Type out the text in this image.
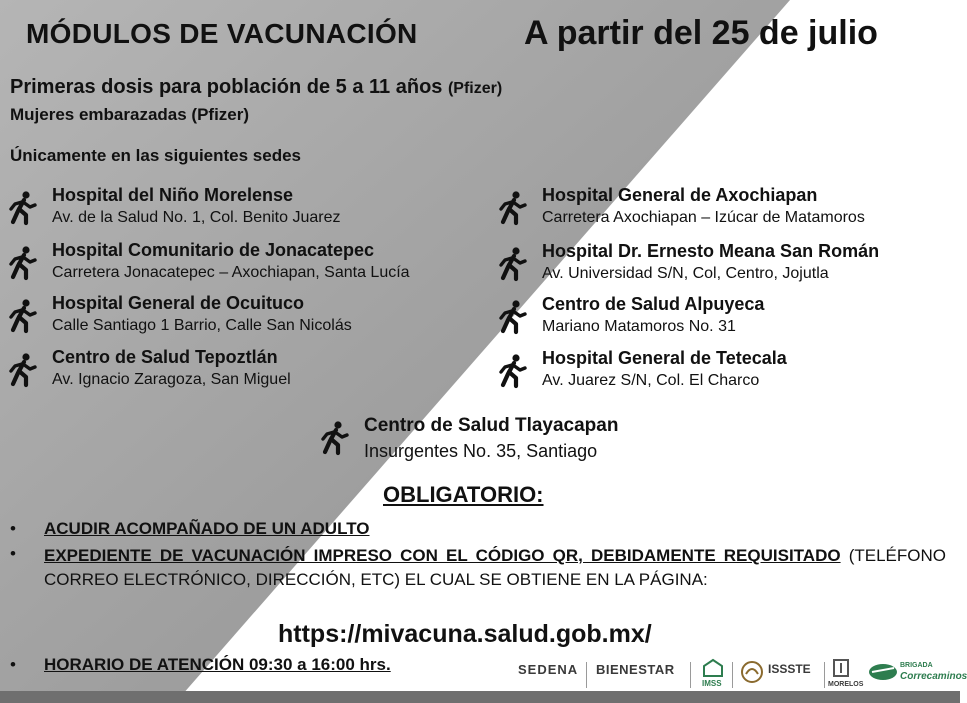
MÓDULOS DE VACUNACIÓN	A partir del 25 de julio
Primeras dosis para población de 5 a 11 años (Pfizer)
Mujeres embarazadas (Pfizer)
Únicamente en las siguientes sedes
Hospital del Niño Morelense
Av. de la Salud No. 1, Col. Benito Juarez
Hospital Comunitario de Jonacatepec
Carretera Jonacatepec – Axochiapan, Santa Lucía
Hospital General de Ocuituco
Calle Santiago 1 Barrio, Calle San Nicolás
Centro de Salud Tepoztlán
Av. Ignacio Zaragoza, San Miguel
Hospital General de Axochiapan
Carretera Axochiapan – Izúcar de Matamoros
Hospital Dr. Ernesto Meana San Román
Av. Universidad S/N, Col, Centro, Jojutla
Centro de Salud Alpuyeca
Mariano Matamoros No. 31
Hospital General de Tetecala
Av. Juarez S/N, Col. El Charco
Centro de Salud Tlayacapan
Insurgentes No. 35, Santiago
OBLIGATORIO:
• ACUDIR ACOMPAÑADO DE UN ADULTO
• EXPEDIENTE DE VACUNACIÓN IMPRESO CON EL CÓDIGO QR, DEBIDAMENTE REQUISITADO (TELÉFONO CORREO ELECTRÓNICO, DIRECCIÓN, ETC) EL CUAL SE OBTIENE EN LA PÁGINA:
https://mivacuna.salud.gob.mx/
• HORARIO DE ATENCIÓN 09:30 a 16:00 hrs.	SEDENA BIENESTAR
IMSS
ISSSTE
MORELOS
BRIGADA
Correcaminos
